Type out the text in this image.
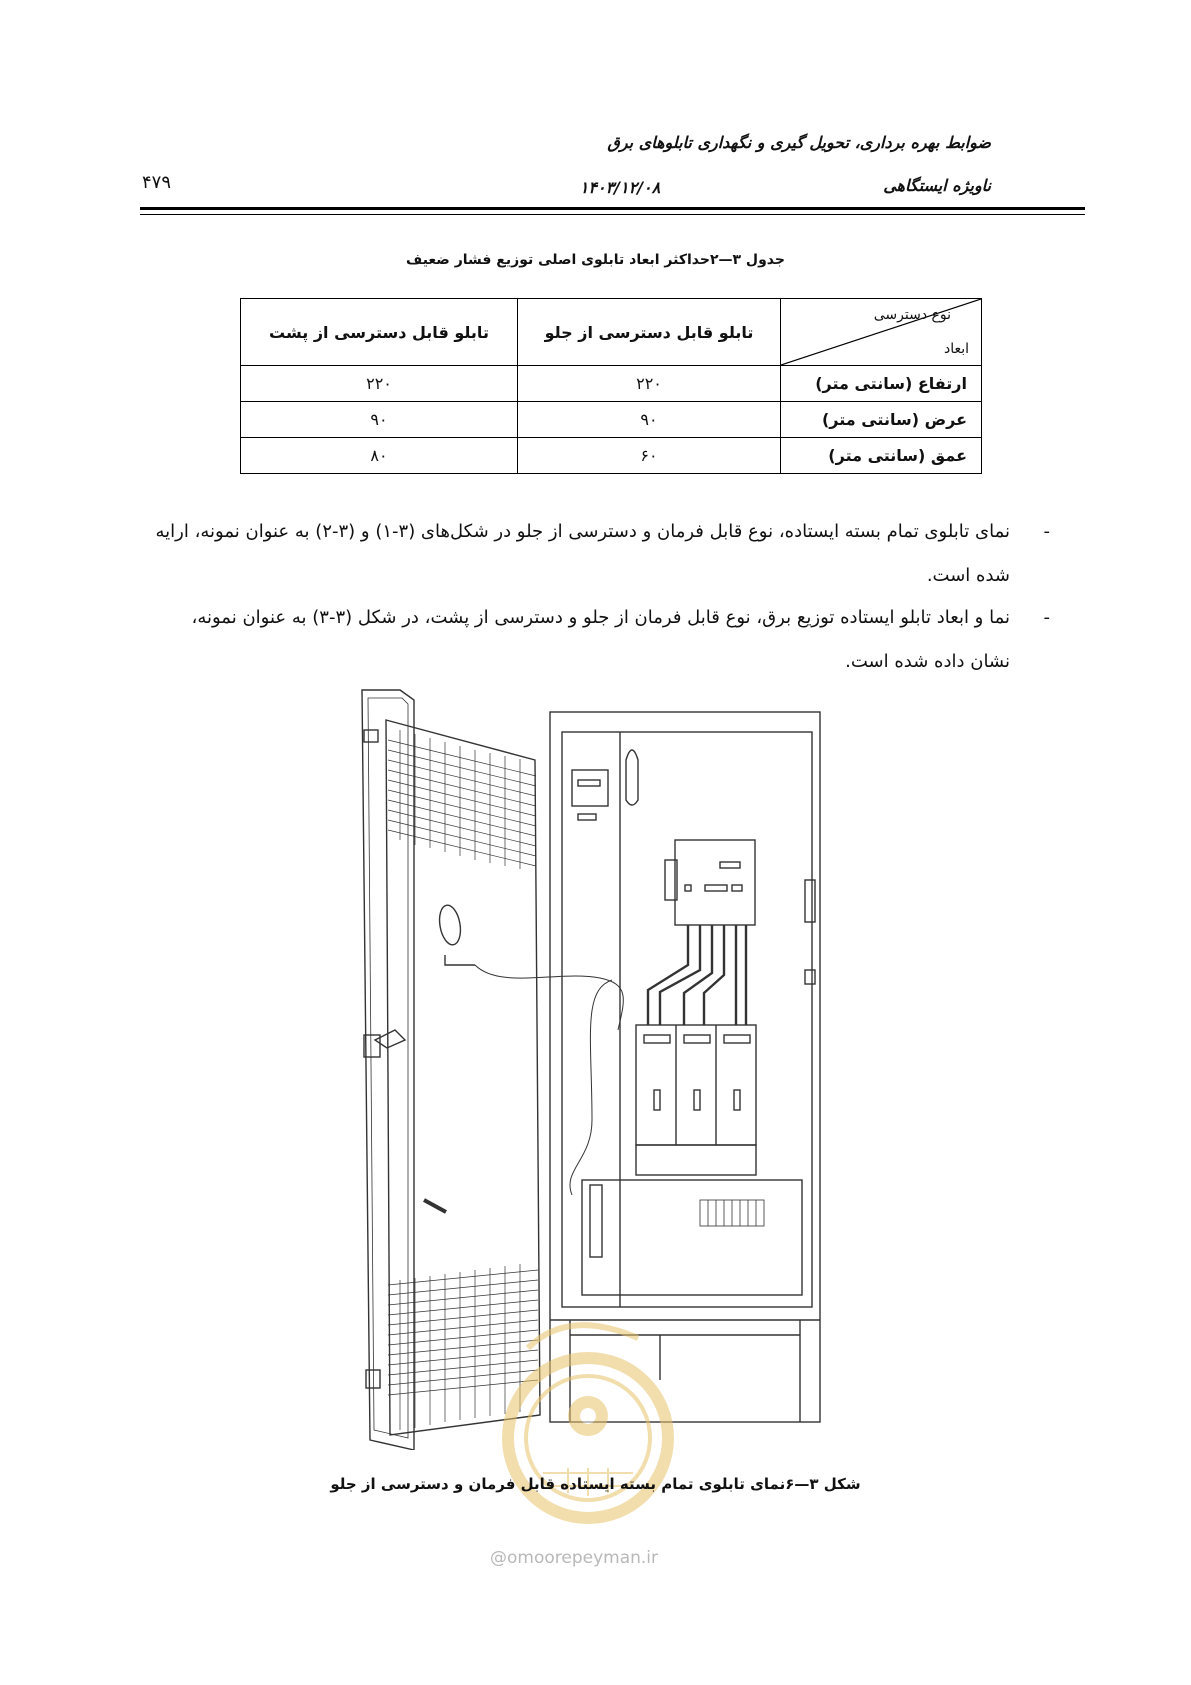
ضوابط بهره برداری، تحویل گیری و نگهداری تابلوهای برق
ناویژه ایستگاهی
۱۴۰۳/۱۲/۰۸
۴۷۹
جدول ۳—۲حداکثر ابعاد تابلوی اصلی توزیع فشار ضعیف
نوع دسترسی
ابعاد	تابلو قابل دسترسی از جلو	تابلو قابل دسترسی از پشت
ارتفاع (سانتی متر)	۲۲۰	۲۲۰
عرض (سانتی متر)	۹۰	۹۰
عمق (سانتی متر)	۶۰	۸۰
-
نمای تابلوی تمام بسته ایستاده، نوع قابل فرمان و دسترسی از جلو در شکل‌های (۳-۱) و (۳-۲) به عنوان نمونه، ارایه شده است.
-
نما و ابعاد تابلو ایستاده توزیع برق، نوع قابل فرمان از جلو و دسترسی از پشت، در شکل (۳-۳) به عنوان نمونه، نشان داده شده است.
شکل ۳—۶نمای تابلوی تمام بسته ایستاده قابل فرمان و دسترسی از جلو
@omoorepeyman.ir
